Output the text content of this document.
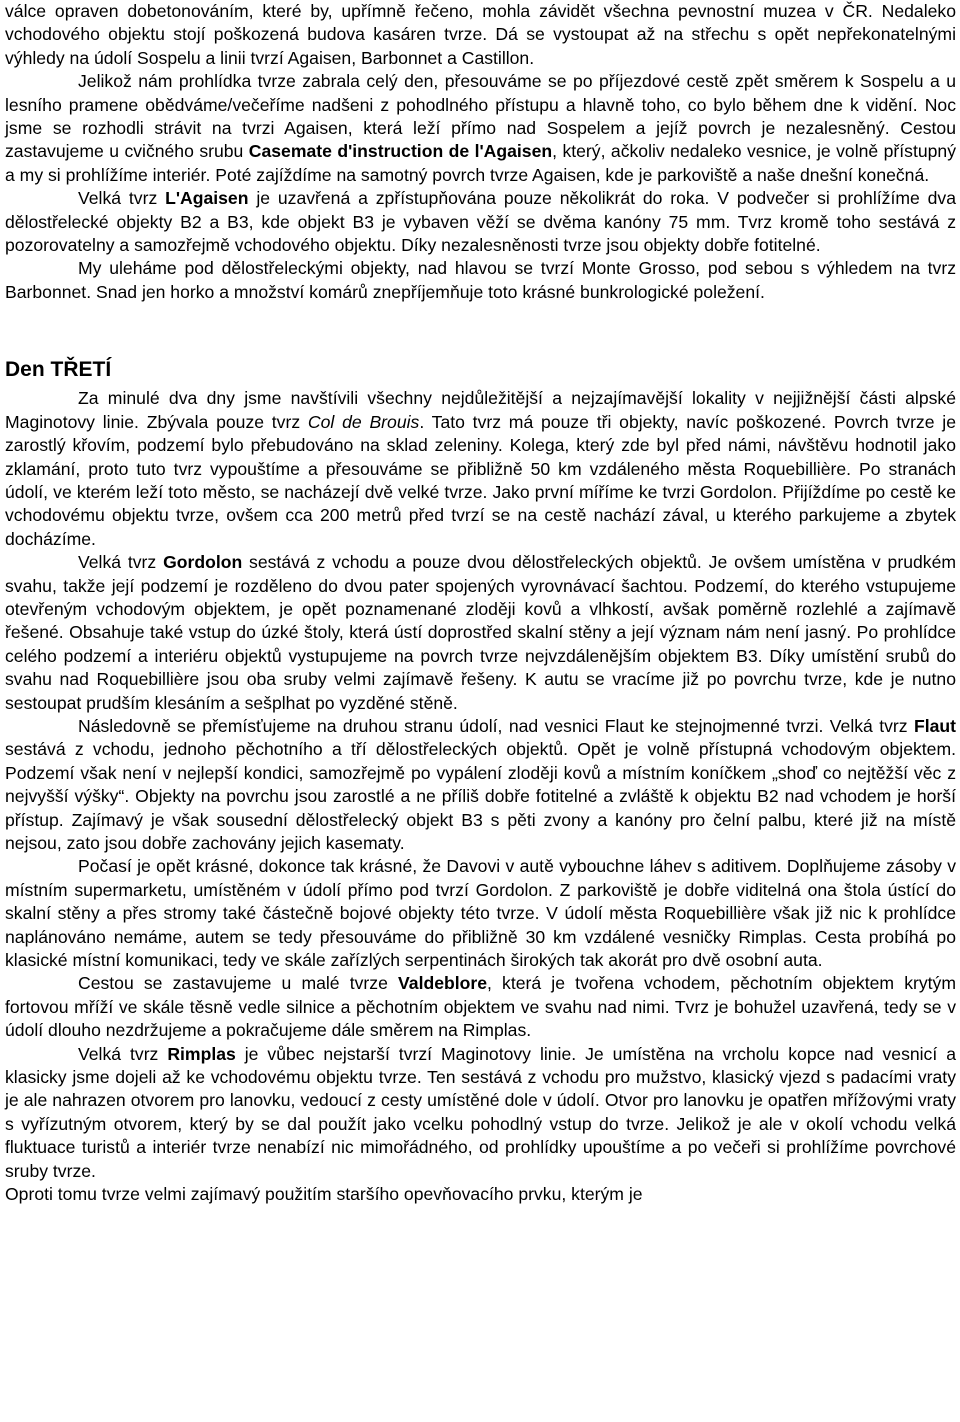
válce opraven dobetonováním, které by, upřímně řečeno, mohla závidět všechna pevnostní muzea v ČR. Nedaleko vchodového objektu stojí poškozená budova kasáren tvrze. Dá se vystoupat až na střechu s opět nepřekonatelnými výhledy na údolí Sospelu a linii tvrzí Agaisen, Barbonnet a Castillon.

Jelikož nám prohlídka tvrze zabrala celý den, přesouváme se po příjezdové cestě zpět směrem k Sospelu a u lesního pramene obědváme/večeříme nadšeni z pohodlného přístupu a hlavně toho, co bylo během dne k vidění. Noc jsme se rozhodli strávit na tvrzi Agaisen, která leží přímo nad Sospelem a jejíž povrch je nezalesněný. Cestou zastavujeme u cvičného srubu Casemate d'instruction de l'Agaisen, který, ačkoliv nedaleko vesnice, je volně přístupný a my si prohlížíme interiér. Poté zajíždíme na samotný povrch tvrze Agaisen, kde je parkoviště a naše dnešní konečná.

Velká tvrz L'Agaisen je uzavřená a zpřístupňována pouze několikrát do roka. V podvečer si prohlížíme dva dělostřelecké objekty B2 a B3, kde objekt B3 je vybaven věží se dvěma kanóny 75 mm. Tvrz kromě toho sestává z pozorovatelny a samozřejmě vchodového objektu. Díky nezalesněnosti tvrze jsou objekty dobře fotitelné.

My uleháme pod dělostřeleckými objekty, nad hlavou se tvrzí Monte Grosso, pod sebou s výhledem na tvrz Barbonnet. Snad jen horko a množství komárů znepříjemňuje toto krásné bunkrologické poležení.

Den TŘETÍ

Za minulé dva dny jsme navštívili všechny nejdůležitější a nejzajímavější lokality v nejjižnější části alpské Maginotovy linie. Zbývala pouze tvrz Col de Brouis. Tato tvrz má pouze tři objekty, navíc poškozené. Povrch tvrze je zarostlý křovím, podzemí bylo přebudováno na sklad zeleniny. Kolega, který zde byl před námi, návštěvu hodnotil jako zklamání, proto tuto tvrz vypouštíme a přesouváme se přibližně 50 km vzdáleného města Roquebillière. Po stranách údolí, ve kterém leží toto město, se nacházejí dvě velké tvrze. Jako první míříme ke tvrzi Gordolon. Přijíždíme po cestě ke vchodovému objektu tvrze, ovšem cca 200 metrů před tvrzí se na cestě nachází zával, u kterého parkujeme a zbytek docházíme.

Velká tvrz Gordolon sestává z vchodu a pouze dvou dělostřeleckých objektů. Je ovšem umístěna v prudkém svahu, takže její podzemí je rozděleno do dvou pater spojených vyrovnávací šachtou. Podzemí, do kterého vstupujeme otevřeným vchodovým objektem, je opět poznamenané zloději kovů a vlhkostí, avšak poměrně rozlehlé a zajímavě řešené. Obsahuje také vstup do úzké štoly, která ústí doprostřed skalní stěny a její význam nám není jasný. Po prohlídce celého podzemí a interiéru objektů vystupujeme na povrch tvrze nejvzdálenějším objektem B3. Díky umístění srubů do svahu nad Roquebillière jsou oba sruby velmi zajímavě řešeny. K autu se vracíme již po povrchu tvrze, kde je nutno sestoupat prudším klesáním a sešplhat po vyzděné stěně.

Následovně se přemísťujeme na druhou stranu údolí, nad vesnici Flaut ke stejnojmenné tvrzi. Velká tvrz Flaut sestává z vchodu, jednoho pěchotního a tří dělostřeleckých objektů. Opět je volně přístupná vchodovým objektem. Podzemí však není v nejlepší kondici, samozřejmě po vypálení zloději kovů a místním koníčkem „shoď co nejtěžší věc z nejvyšší výšky“. Objekty na povrchu jsou zarostlé a ne příliš dobře fotitelné a zvláště k objektu B2 nad vchodem je horší přístup. Zajímavý je však sousední dělostřelecký objekt B3 s pěti zvony a kanóny pro čelní palbu, které již na místě nejsou, zato jsou dobře zachovány jejich kasematy.

Počasí je opět krásné, dokonce tak krásné, že Davovi v autě vybouchne láhev s aditivem. Doplňujeme zásoby v místním supermarketu, umístěném v údolí přímo pod tvrzí Gordolon. Z parkoviště je dobře viditelná ona štola ústící do skalní stěny a přes stromy také částečně bojové objekty této tvrze. V údolí města Roquebillière však již nic k prohlídce naplánováno nemáme, autem se tedy přesouváme do přibližně 30 km vzdálené vesničky Rimplas. Cesta probíhá po klasické místní komunikaci, tedy ve skále zařízlých serpentinách širokých tak akorát pro dvě osobní auta.

Cestou se zastavujeme u malé tvrze Valdeblore, která je tvořena vchodem, pěchotním objektem krytým fortovou mříží ve skále těsně vedle silnice a pěchotním objektem ve svahu nad nimi. Tvrz je bohužel uzavřená, tedy se v údolí dlouho nezdržujeme a pokračujeme dále směrem na Rimplas.

Velká tvrz Rimplas je vůbec nejstarší tvrzí Maginotovy linie. Je umístěna na vrcholu kopce nad vesnicí a klasicky jsme dojeli až ke vchodovému objektu tvrze. Ten sestává z vchodu pro mužstvo, klasický vjezd s padacími vraty je ale nahrazen otvorem pro lanovku, vedoucí z cesty umístěné dole v údolí. Otvor pro lanovku je opatřen mřížovými vraty s vyřízutným otvorem, který by se dal použít jako vcelku pohodlný vstup do tvrze. Jelikož je ale v okolí vchodu velká fluktuace turistů a interiér tvrze nenabízí nic mimořádného, od prohlídky upouštíme a po večeři si prohlížíme povrchové sruby tvrze.

Oproti tomu tvrze velmi zajímavý použitím staršího opevňovacího prvku, kterým je
